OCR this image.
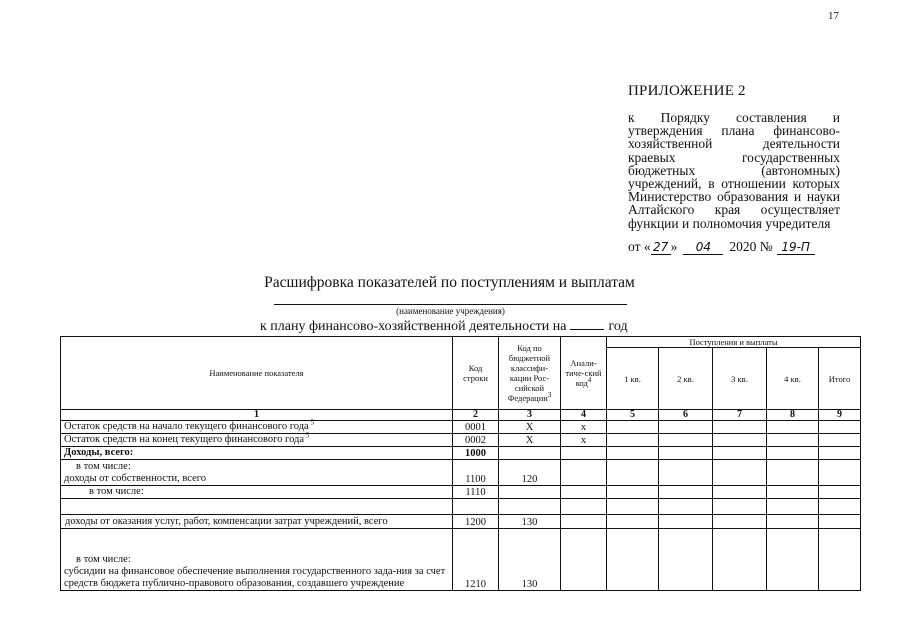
17
ПРИЛОЖЕНИЕ 2
к Порядку составления и утверждения плана финансово-хозяйственной деятельности краевых государственных бюджетных (автономных) учреждений, в отношении которых Министерство образования и науки Алтайского края осуществляет функции и полномочия учредителя
от « 27 »	04	2020 № 19-П
Расшифровка показателей по поступлениям и выплатам
(наименование учреждения)
к плану финансово-хозяйственной деятельности на	год
Наименование показателя	Код строки	Код по бюджетной классифи-кации Рос-сийской Федерации$^3$	Анали-тиче-ский код$^4$	Поступления и выплаты				
				1 кв.	2 кв.	3 кв.	4 кв.	Итого
1	2	3	4	5	6	7	8	9
Остаток средств на начало текущего финансового года $^5$	0001	Х	х					
Остаток средств на конец текущего финансового года $^5$	0002	Х	х					
Доходы, всего:	1000							

в том числе:
доходы от собственности, всего	1100	120						
в том числе:	1110							

доходы от оказания услуг, работ, компенсации затрат учреждений, всего	1200	130						

в том числе:
субсидии на финансовое обеспечение выполнения государственного зада-ния за счет средств бюджета публично-правового образования, создавшего учреждение	1210	130						
